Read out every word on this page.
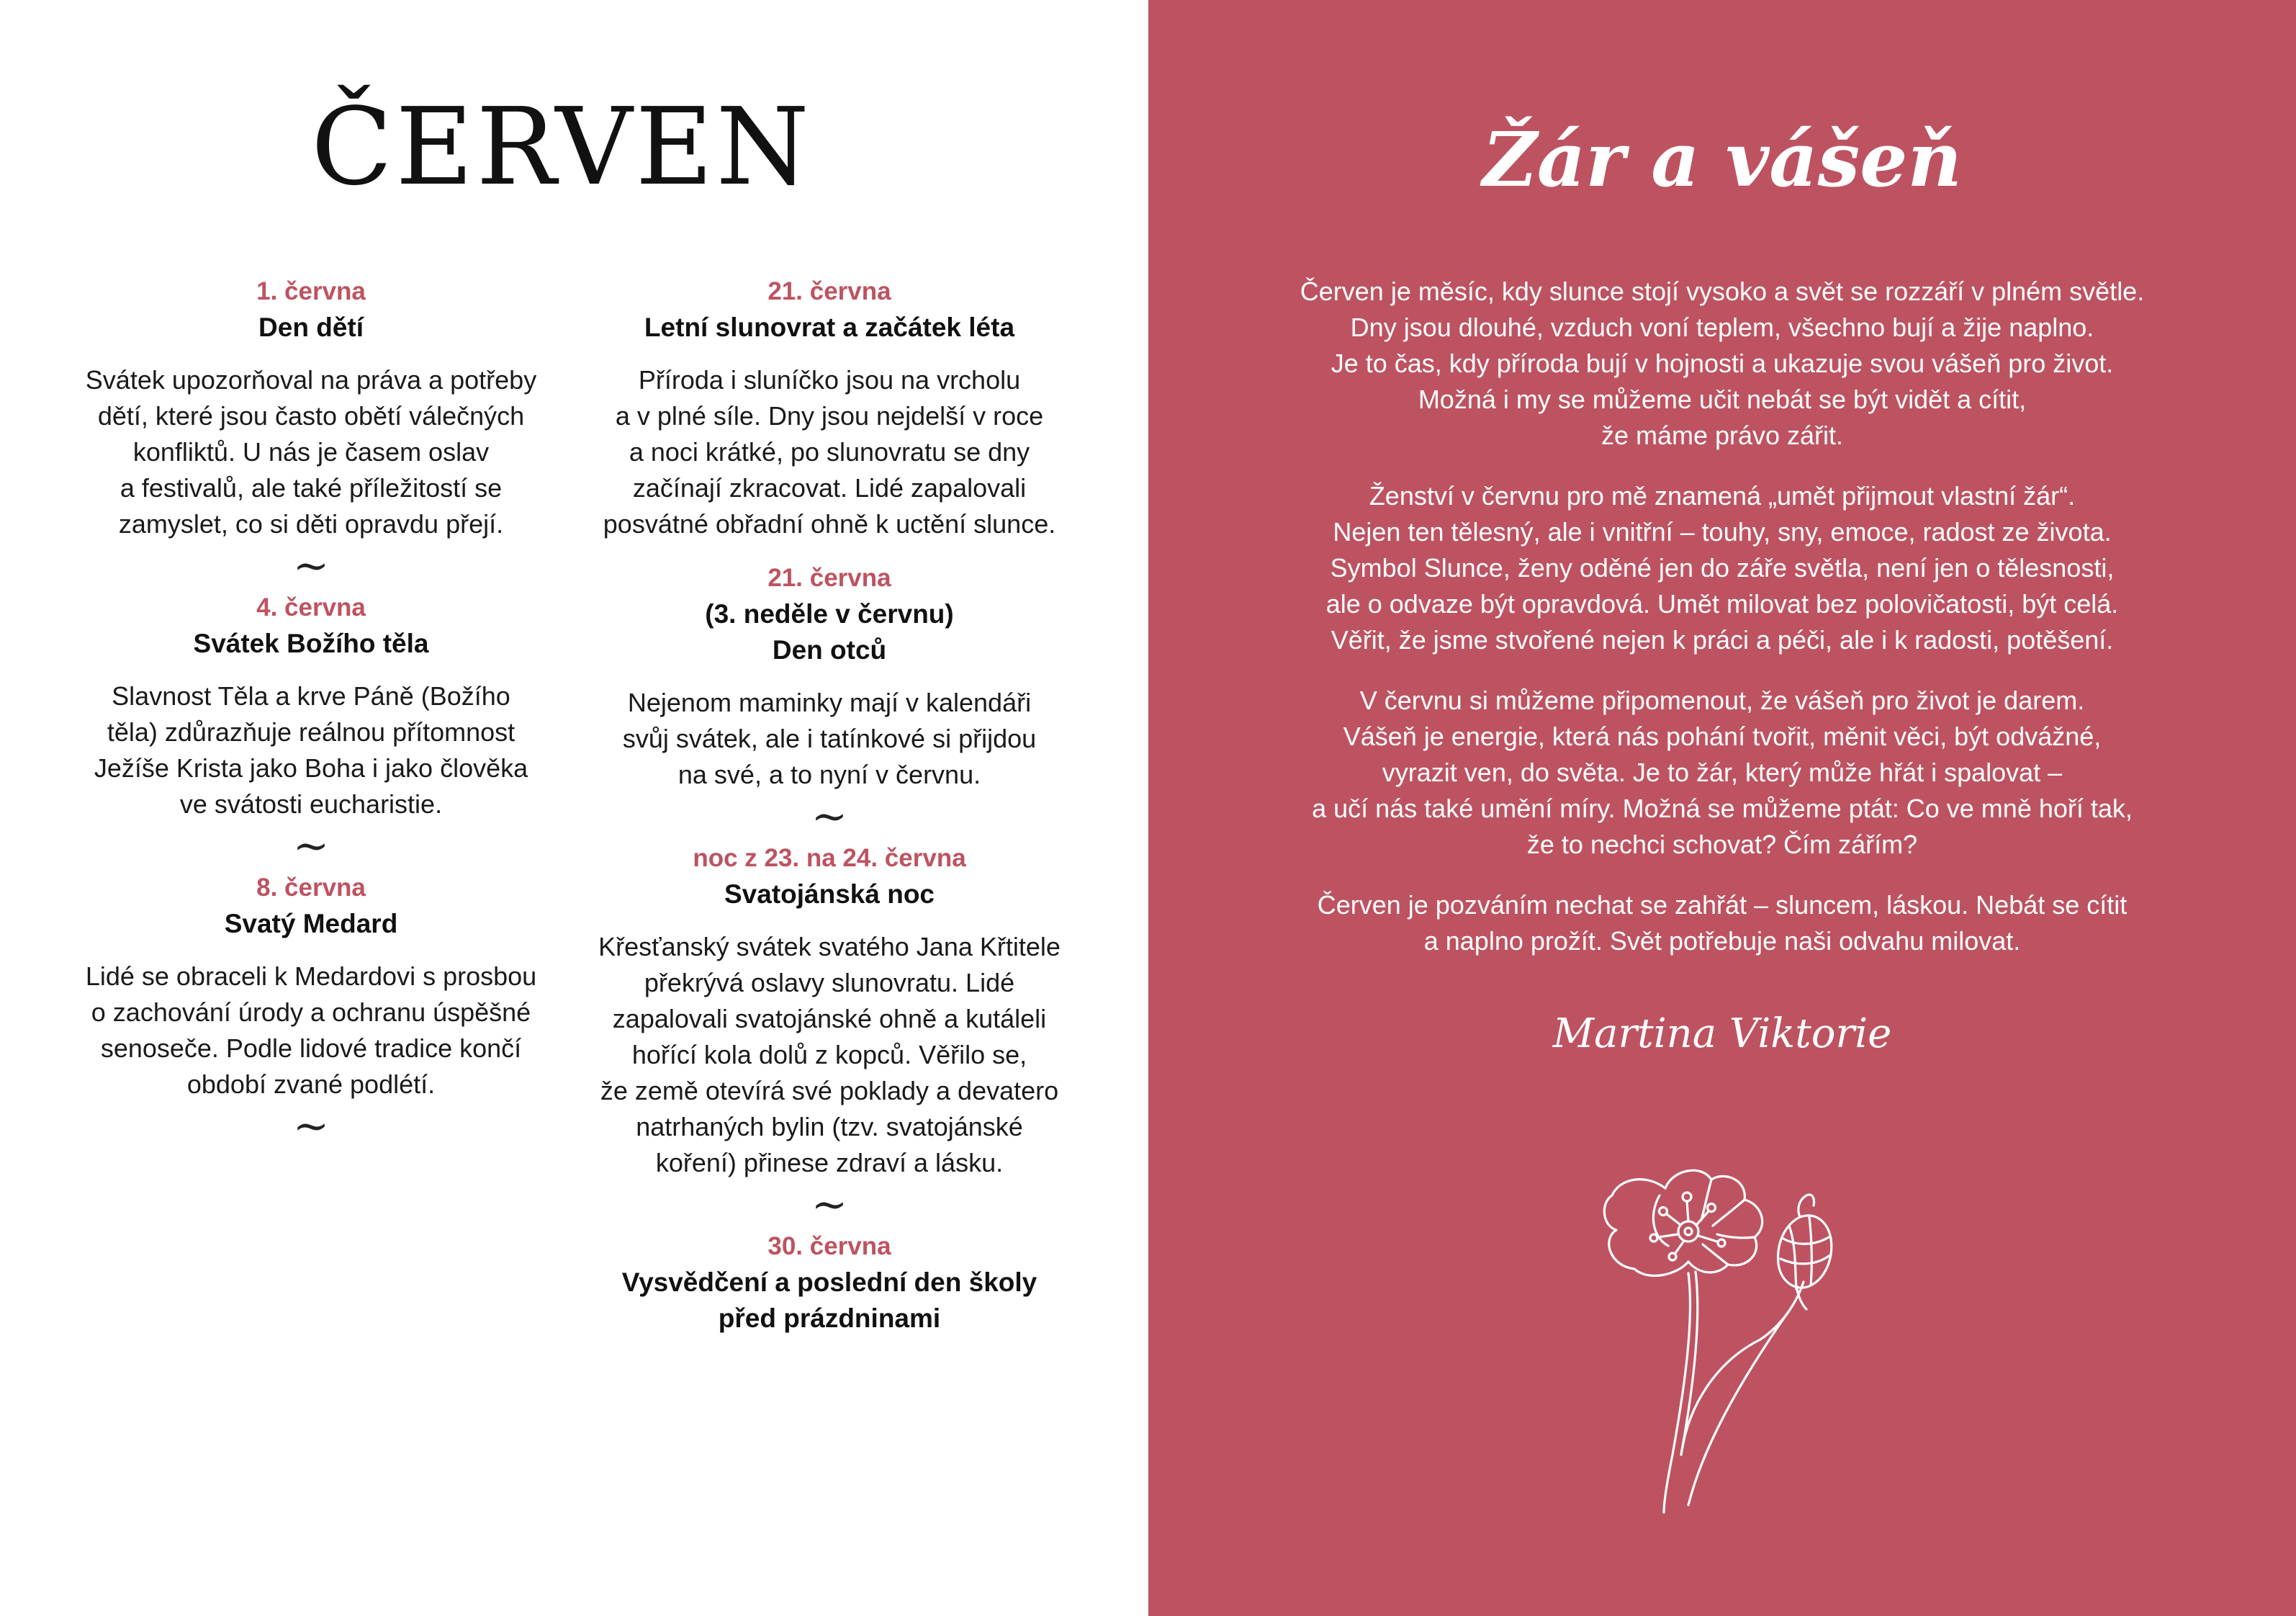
ČERVEN
1. června
Den dětí
Svátek upozorňoval na práva a potřeby
dětí, které jsou často obětí válečných
konfliktů. U nás je časem oslav
a festivalů, ale také příležitostí se
zamyslet, co si děti opravdu přejí.
~
4. června
Svátek Božího těla
Slavnost Těla a krve Páně (Božího
těla) zdůrazňuje reálnou přítomnost
Ježíše Krista jako Boha i jako člověka
ve svátosti eucharistie.
~
8. června
Svatý Medard
Lidé se obraceli k Medardovi s prosbou
o zachování úrody a ochranu úspěšné
senoseče. Podle lidové tradice končí
období zvané podlétí.
~
21. června
Letní slunovrat a začátek léta
Příroda i sluníčko jsou na vrcholu
a v plné síle. Dny jsou nejdelší v roce
a noci krátké, po slunovratu se dny
začínají zkracovat. Lidé zapalovali
posvátné obřadní ohně k uctění slunce.
21. června
(3. neděle v červnu)
Den otců
Nejenom maminky mají v kalendáři
svůj svátek, ale i tatínkové si přijdou
na své, a to nyní v červnu.
~
noc z 23. na 24. června
Svatojánská noc
Křesťanský svátek svatého Jana Křtitele
překrývá oslavy slunovratu. Lidé
zapalovali svatojánské ohně a kutáleli
hořící kola dolů z kopců. Věřilo se,
že země otevírá své poklady a devatero
natrhaných bylin (tzv. svatojánské
koření) přinese zdraví a lásku.
~
30. června
Vysvědčení a poslední den školy
před prázdninami
Žár a vášeň

Červen je měsíc, kdy slunce stojí vysoko a svět se rozzáří v plném světle.
Dny jsou dlouhé, vzduch voní teplem, všechno bují a žije naplno.
Je to čas, kdy příroda bují v hojnosti a ukazuje svou vášeň pro život.
Možná i my se můžeme učit nebát se být vidět a cítit,
že máme právo zářit.

Ženství v červnu pro mě znamená „umět přijmout vlastní žár“.
Nejen ten tělesný, ale i vnitřní – touhy, sny, emoce, radost ze života.
Symbol Slunce, ženy oděné jen do záře světla, není jen o tělesnosti,
ale o odvaze být opravdová. Umět milovat bez polovičatosti, být celá.
Věřit, že jsme stvořené nejen k práci a péči, ale i k radosti, potěšení.

V červnu si můžeme připomenout, že vášeň pro život je darem.
Vášeň je energie, která nás pohání tvořit, měnit věci, být odvážné,
vyrazit ven, do světa. Je to žár, který může hřát i spalovat –
a učí nás také umění míry. Možná se můžeme ptát: Co ve mně hoří tak,
že to nechci schovat? Čím zářím?

Červen je pozváním nechat se zahřát – sluncem, láskou. Nebát se cítit
a naplno prožít. Svět potřebuje naši odvahu milovat.

Martina Viktorie
